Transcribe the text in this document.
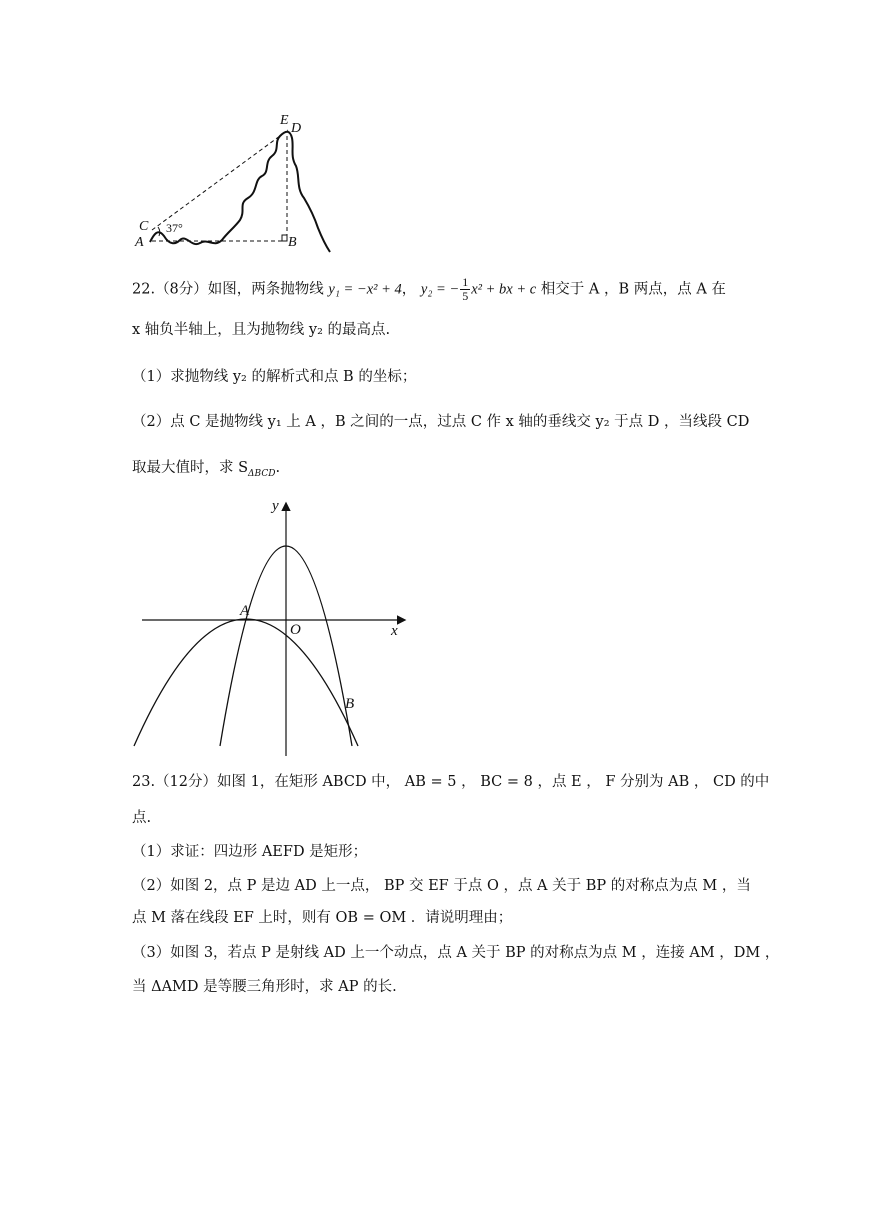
E
D
C
A	B
37°
22.（8分）如图，两条抛物线 y₁ = −x² + 4， y₂ = − $\frac{1}{5} x^2$ + bx + c 相交于 A ，B 两点，点 A 在
x 轴负半轴上，且为抛物线 y₂ 的最高点.
（1）求抛物线 y₂ 的解析式和点 B 的坐标；
（2）点 C 是抛物线 y₁ 上 A ，B 之间的一点，过点 C 作 x 轴的垂线交 y₂ 于点 D ，当线段 CD
取最大值时，求 $S_{\Delta BCD}$.
y
x
A
O
B
23.（12分）如图 1，在矩形 ABCD 中， AB = 5 ， BC = 8 ，点 E ， F 分别为 AB ， CD 的中
点.
（1）求证：四边形 AEFD 是矩形；
（2）如图 2，点 P 是边 AD 上一点， BP 交 EF 于点 O ，点 A 关于 BP 的对称点为点 M ，当
点 M 落在线段 EF 上时，则有 OB = OM ．请说明理由；
（3）如图 3，若点 P 是射线 AD 上一个动点，点 A 关于 BP 的对称点为点 M ，连接 AM ，DM ，
当 ΔAMD 是等腰三角形时，求 AP 的长.
